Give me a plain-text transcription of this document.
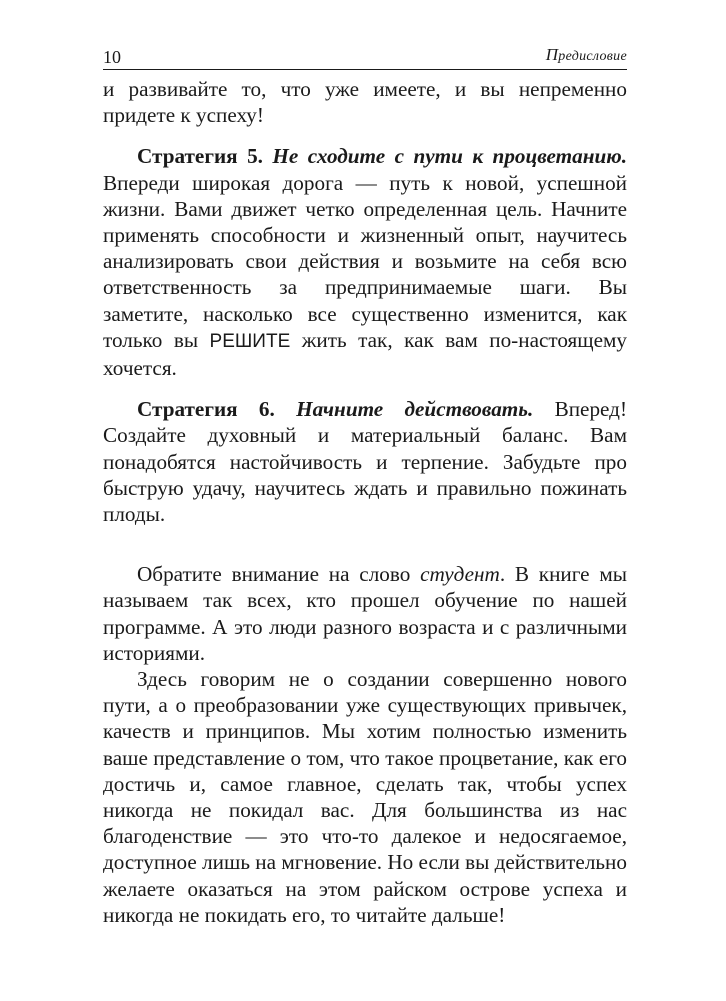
10	Предисловие

и развивайте то, что уже имеете, и вы непременно придете к успеху!

Стратегия 5. Не сходите с пути к процветанию. Впереди широкая дорога — путь к новой, успешной жизни. Вами движет четко определенная цель. Начните применять способности и жизненный опыт, научитесь анализировать свои действия и возьмите на себя всю ответственность за предпринимаемые шаги. Вы заметите, насколько все существенно изменится, как только вы РЕШИТЕ жить так, как вам по-настоящему хочется.

Стратегия 6. Начните действовать. Вперед! Создайте духовный и материальный баланс. Вам понадобятся настойчивость и терпение. Забудьте про быструю удачу, научитесь ждать и правильно пожинать плоды.

Обратите внимание на слово студент. В книге мы называем так всех, кто прошел обучение по нашей программе. А это люди разного возраста и с различными историями.

Здесь говорим не о создании совершенно нового пути, а о преобразовании уже существующих привычек, качеств и принципов. Мы хотим полностью изменить ваше представление о том, что такое процветание, как его достичь и, самое главное, сделать так, чтобы успех никогда не покидал вас. Для большинства из нас благоденствие — это что-то далекое и недосягаемое, доступное лишь на мгновение. Но если вы действительно желаете оказаться на этом райском острове успеха и никогда не покидать его, то читайте дальше!
